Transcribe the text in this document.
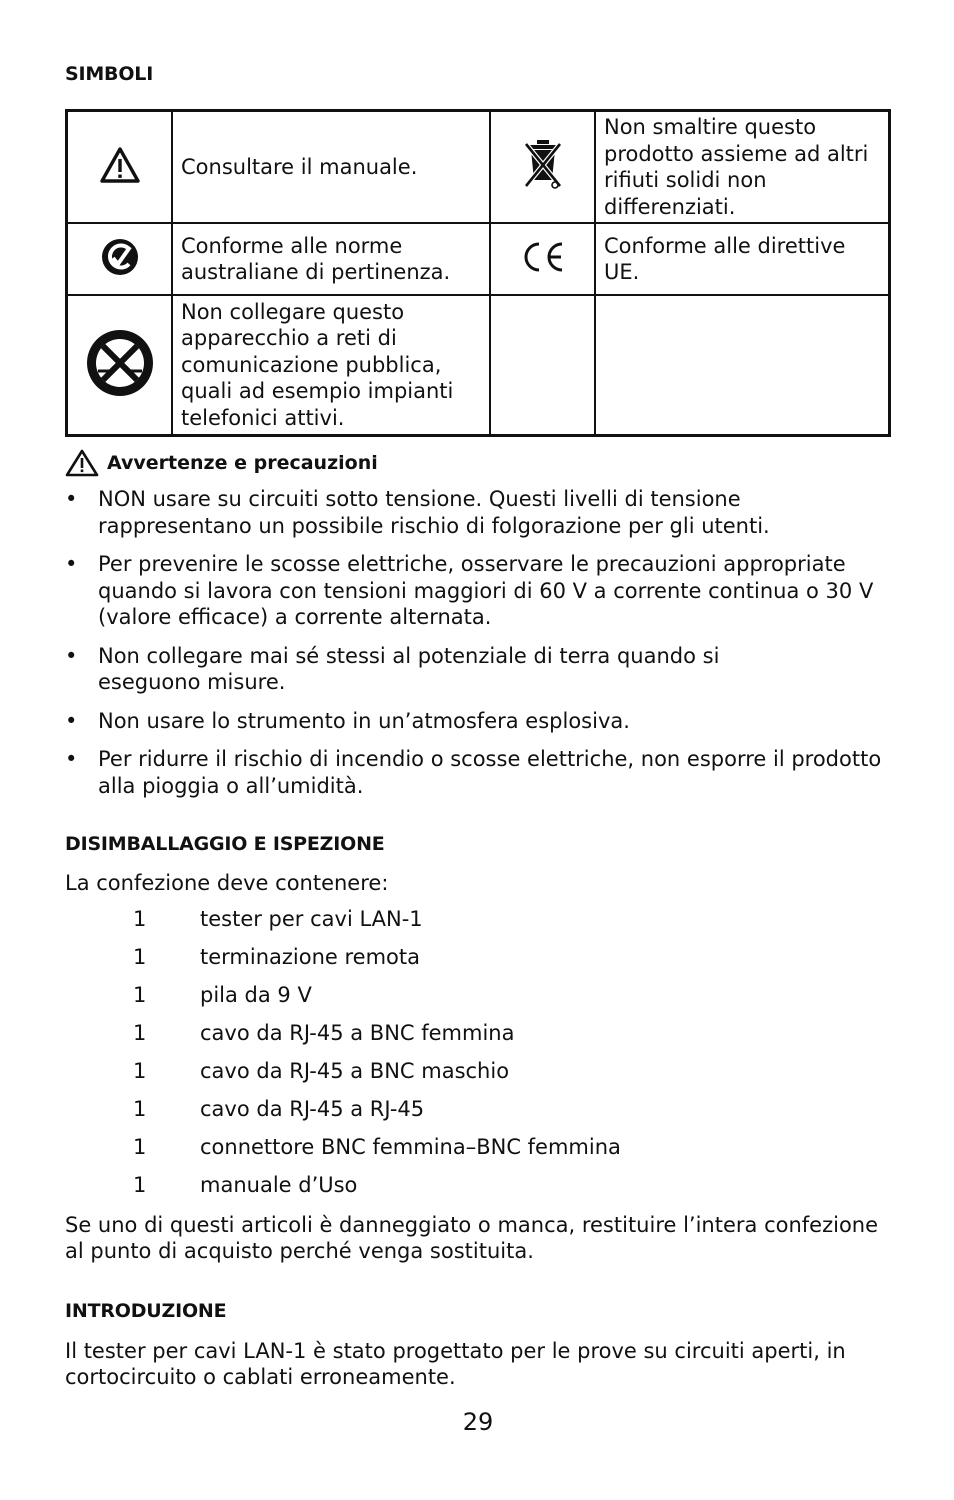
SIMBOLI
	Consultare il manuale.		Non smaltire questo prodotto assieme ad altri rifiuti solidi non differenziati.
	Conforme alle norme australiane di pertinenza.		Conforme alle direttive UE.
	Non collegare questo apparecchio a reti di comunicazione pubblica, quali ad esempio impianti telefonici attivi.		
Avvertenze e precauzioni
• NON usare su circuiti sotto tensione. Questi livelli di tensione rappresentano un possibile rischio di folgorazione per gli utenti.
• Per prevenire le scosse elettriche, osservare le precauzioni appropriate quando si lavora con tensioni maggiori di 60 V a corrente continua o 30 V (valore efficace) a corrente alternata.
• Non collegare mai sé stessi al potenziale di terra quando si eseguono misure.
• Non usare lo strumento in un’atmosfera esplosiva.
• Per ridurre il rischio di incendio o scosse elettriche, non esporre il prodotto alla pioggia o all’umidità.
DISIMBALLAGGIO E ISPEZIONE
La confezione deve contenere:
1	tester per cavi LAN-1
1	terminazione remota
1	pila da 9 V
1	cavo da RJ-45 a BNC femmina
1	cavo da RJ-45 a BNC maschio
1	cavo da RJ-45 a RJ-45
1	connettore BNC femmina–BNC femmina
1	manuale d’Uso
Se uno di questi articoli è danneggiato o manca, restituire l’intera confezione al punto di acquisto perché venga sostituita.
INTRODUZIONE
Il tester per cavi LAN-1 è stato progettato per le prove su circuiti aperti, in cortocircuito o cablati erroneamente.
29
